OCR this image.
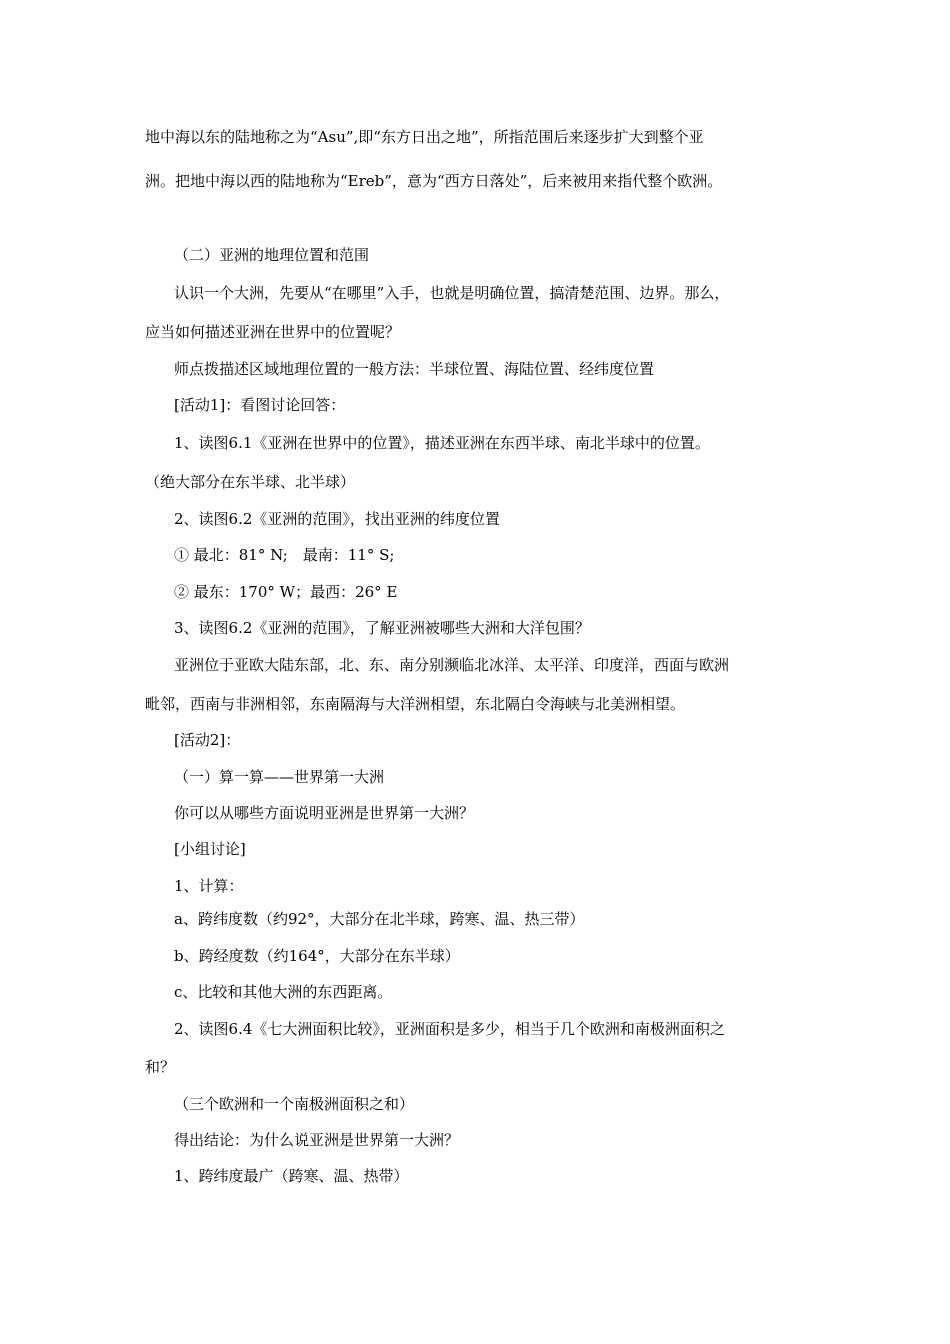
地中海以东的陆地称之为“Asu”,即“东方日出之地”，所指范围后来逐步扩大到整个亚
洲。把地中海以西的陆地称为“Ereb”，意为“西方日落处”，后来被用来指代整个欧洲。
（二）亚洲的地理位置和范围
认识一个大洲，先要从“在哪里”入手，也就是明确位置，搞清楚范围、边界。那么，
应当如何描述亚洲在世界中的位置呢？
师点拨描述区域地理位置的一般方法：半球位置、海陆位置、经纬度位置
[活动1]：看图讨论回答：
1、读图6.1《亚洲在世界中的位置》，描述亚洲在东西半球、南北半球中的位置。
（绝大部分在东半球、北半球）
2、读图6.2《亚洲的范围》，找出亚洲的纬度位置
① 最北：81° N;　最南：11° S;
② 最东：170° W；最西：26° E
3、读图6.2《亚洲的范围》，了解亚洲被哪些大洲和大洋包围？
亚洲位于亚欧大陆东部，北、东、南分别濒临北冰洋、太平洋、印度洋，西面与欧洲
毗邻，西南与非洲相邻，东南隔海与大洋洲相望，东北隔白令海峡与北美洲相望。
[活动2]：
（一）算一算——世界第一大洲
你可以从哪些方面说明亚洲是世界第一大洲？
[小组讨论]
1、计算：
a、跨纬度数（约92°，大部分在北半球，跨寒、温、热三带）
b、跨经度数（约164°，大部分在东半球）
c、比较和其他大洲的东西距离。
2、读图6.4《七大洲面积比较》，亚洲面积是多少，相当于几个欧洲和南极洲面积之
和？
（三个欧洲和一个南极洲面积之和）
得出结论：为什么说亚洲是世界第一大洲？
1、跨纬度最广（跨寒、温、热带）
